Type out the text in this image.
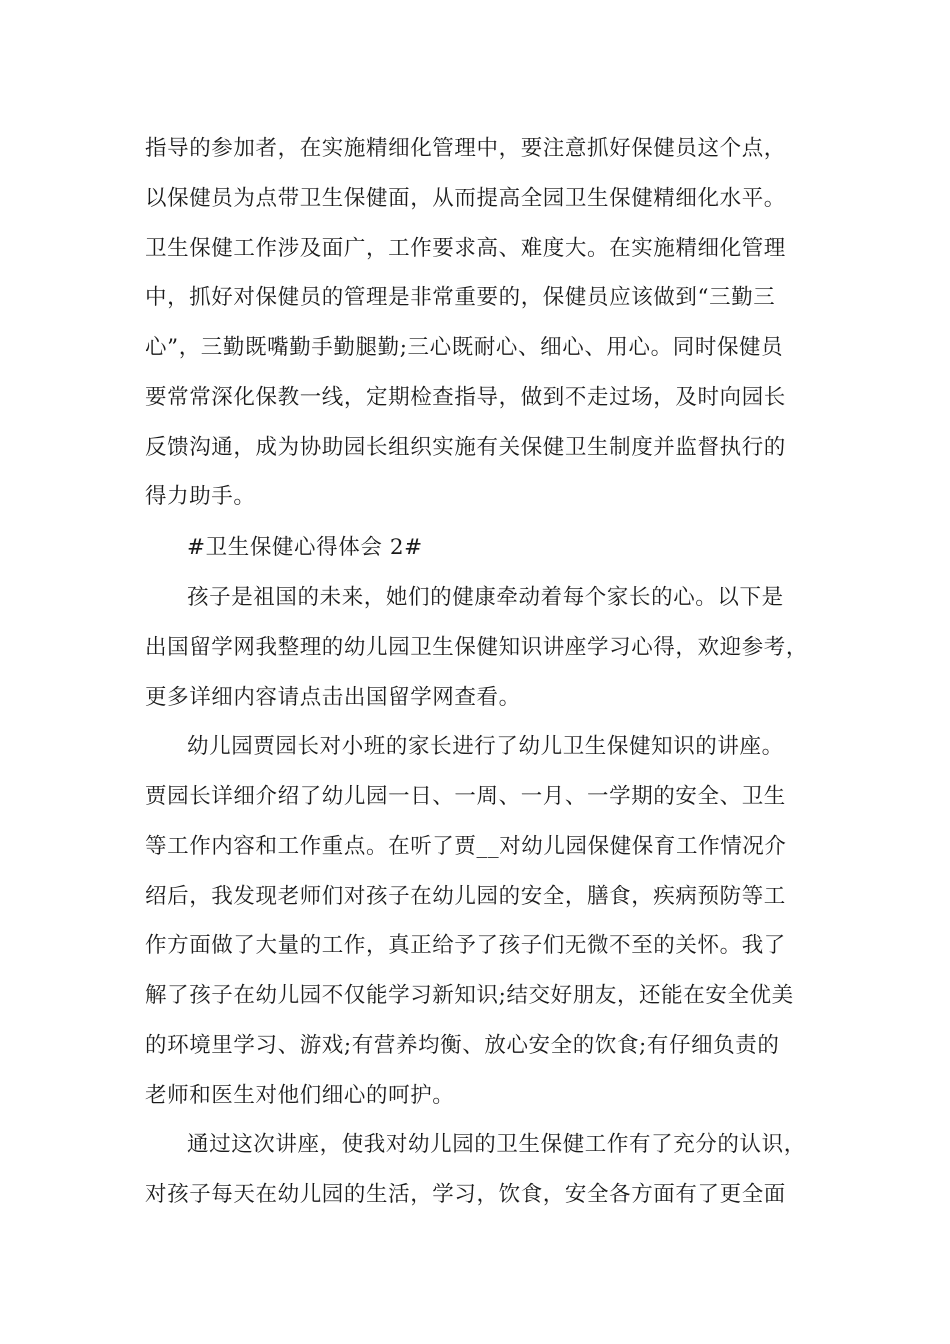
指导的参加者，在实施精细化管理中，要注意抓好保健员这个点，
以保健员为点带卫生保健面，从而提高全园卫生保健精细化水平。
卫生保健工作涉及面广，工作要求高、难度大。在实施精细化管理
中，抓好对保健员的管理是非常重要的，保健员应该做到“三勤三
心”，三勤既嘴勤手勤腿勤;三心既耐心、细心、用心。同时保健员
要常常深化保教一线，定期检查指导，做到不走过场，及时向园长
反馈沟通，成为协助园长组织实施有关保健卫生制度并监督执行的
得力助手。
#卫生保健心得体会 2#
孩子是祖国的未来，她们的健康牵动着每个家长的心。以下是
出国留学网我整理的幼儿园卫生保健知识讲座学习心得，欢迎参考，
更多详细内容请点击出国留学网查看。
幼儿园贾园长对小班的家长进行了幼儿卫生保健知识的讲座。
贾园长详细介绍了幼儿园一日、一周、一月、一学期的安全、卫生
等工作内容和工作重点。在听了贾__对幼儿园保健保育工作情况介
绍后，我发现老师们对孩子在幼儿园的安全，膳食，疾病预防等工
作方面做了大量的工作，真正给予了孩子们无微不至的关怀。我了
解了孩子在幼儿园不仅能学习新知识;结交好朋友，还能在安全优美
的环境里学习、游戏;有营养均衡、放心安全的饮食;有仔细负责的
老师和医生对他们细心的呵护。
通过这次讲座，使我对幼儿园的卫生保健工作有了充分的认识，
对孩子每天在幼儿园的生活，学习，饮食，安全各方面有了更全面
